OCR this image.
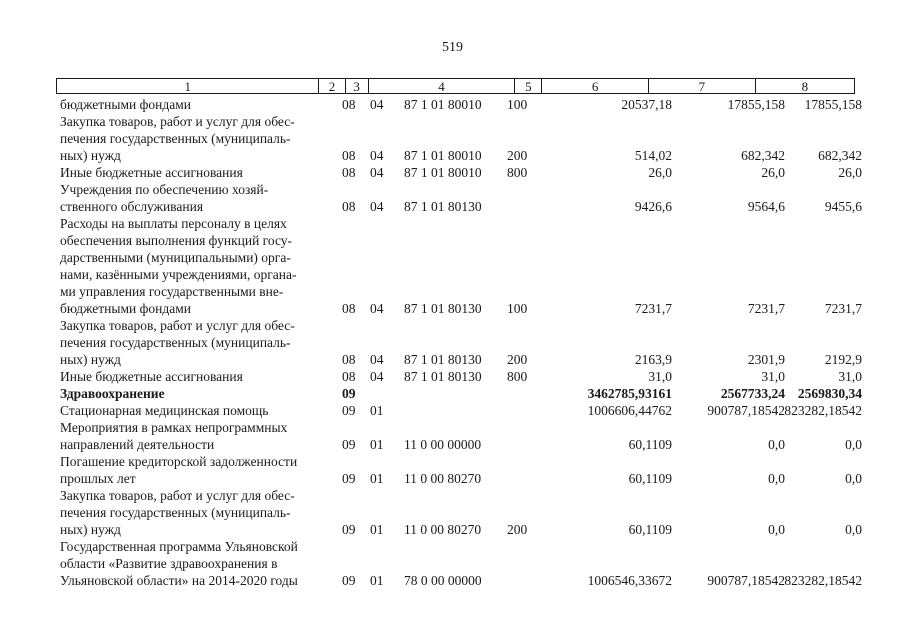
519
1	2	3	4	5	6	7	8
бюджетными фондами	08 04 87 1 01 80010 100	20537,18	17855,158 17855,158
Закупка товаров, работ и услуг для обес-
печения государственных (муниципаль-
ных) нужд	08 04 87 1 01 80010 200	514,02	682,342 682,342
Иные бюджетные ассигнования	08 04 87 1 01 80010 800	26,0	26,0	26,0
Учреждения по обеспечению хозяй-
ственного обслуживания	08 04 87 1 01 80130	9426,6	9564,6	9455,6
Расходы на выплаты персоналу в целях
обеспечения выполнения функций госу-
дарственными (муниципальными) орга-
нами, казёнными учреждениями, органа-
ми управления государственными вне-
бюджетными фондами	08 04 87 1 01 80130 100	7231,7	7231,7	7231,7
Закупка товаров, работ и услуг для обес-
печения государственных (муниципаль-
ных) нужд	08 04 87 1 01 80130 200	2163,9	2301,9	2192,9
Иные бюджетные ассигнования	08 04 87 1 01 80130 800	31,0	31,0	31,0
Здравоохранение	09	3462785,93161	2567733,24 2569830,34
Стационарная медицинская помощь	09 01	1006606,44762	900787,18542 823282,18542
Мероприятия в рамках непрограммных
направлений деятельности	09 01 11 0 00 00000	60,1109	0,0	0,0
Погашение кредиторской задолженности
прошлых лет	09 01 11 0 00 80270	60,1109	0,0	0,0
Закупка товаров, работ и услуг для обес-
печения государственных (муниципаль-
ных) нужд	09 01 11 0 00 80270 200	60,1109	0,0	0,0
Государственная программа Ульяновской
области «Развитие здравоохранения в
Ульяновской области» на 2014-2020 годы	09 01 78 0 00 00000	1006546,33672	900787,18542 823282,18542
